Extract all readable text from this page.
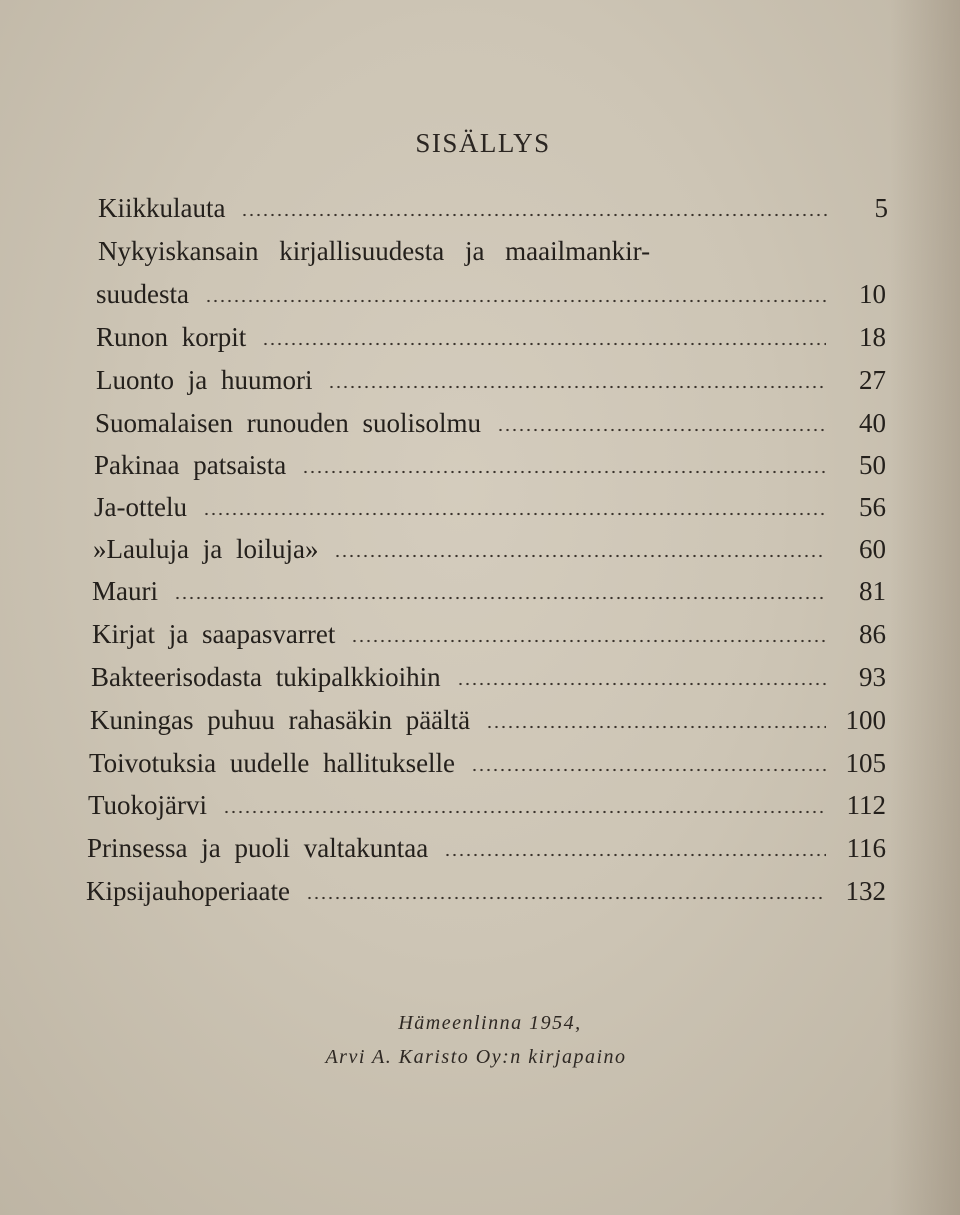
SISÄLLYS
Kiikkulauta	5
Nykyiskansain kirjallisuudesta ja maailmankir-
suudesta	10
Runon korpit	18
Luonto ja huumori	27
Suomalaisen runouden suolisolmu	40
Pakinaa patsaista	50
Ja-ottelu	56
»Lauluja ja loiluja»	60
Mauri	81
Kirjat ja saapasvarret	86
Bakteerisodasta tukipalkkioihin	93
Kuningas puhuu rahasäkin päältä	100
Toivotuksia uudelle hallitukselle	105
Tuokojärvi	112
Prinsessa ja puoli valtakuntaa	116
Kipsijauhoperiaate	132
Hämeenlinna 1954,
Arvi A. Karisto Oy:n kirjapaino
